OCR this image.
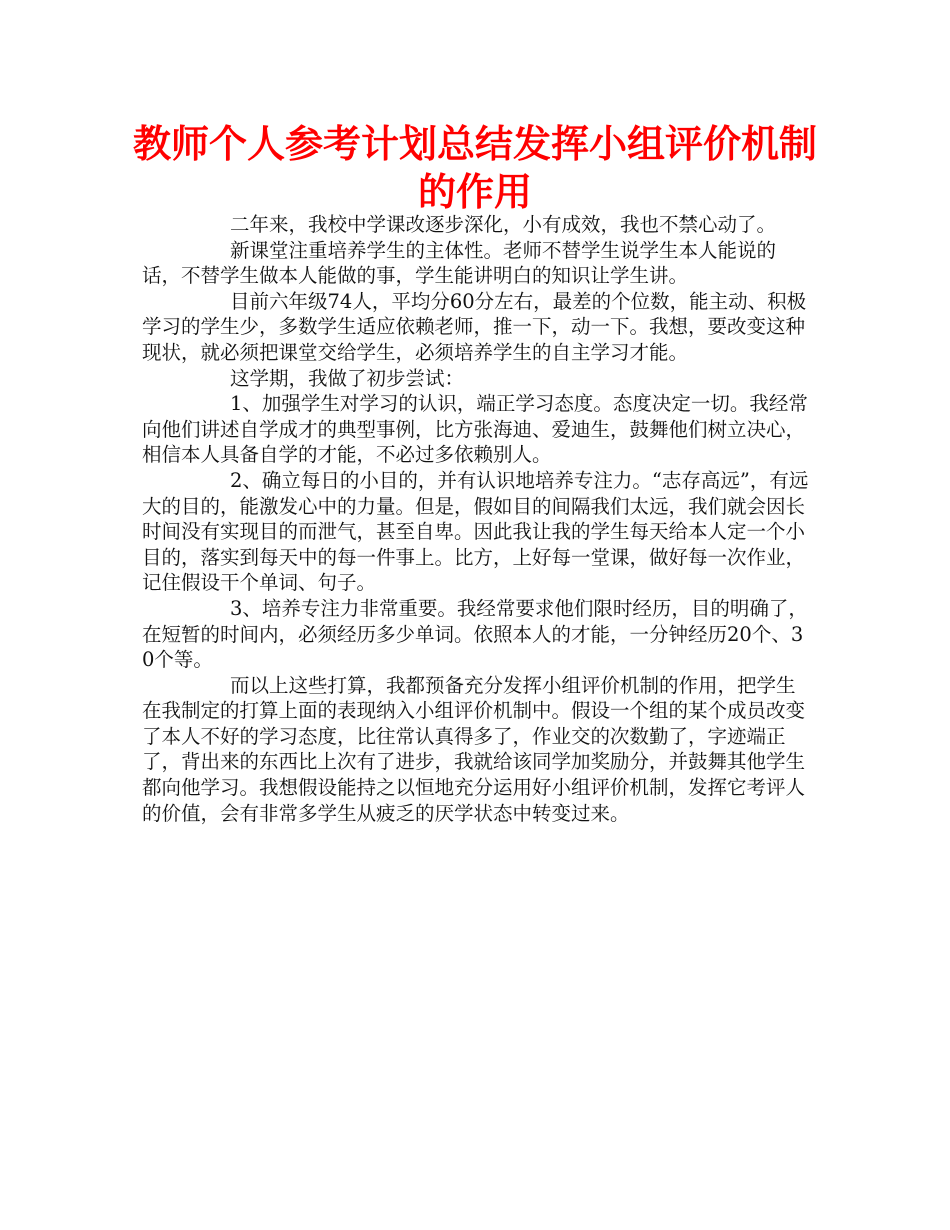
教师个人参考计划总结发挥小组评价机制的作用

二年来，我校中学课改逐步深化，小有成效，我也不禁心动了。

新课堂注重培养学生的主体性。老师不替学生说学生本人能说的话，不替学生做本人能做的事，学生能讲明白的知识让学生讲。

目前六年级74人，平均分60分左右，最差的个位数，能主动、积极学习的学生少，多数学生适应依赖老师，推一下，动一下。我想，要改变这种现状，就必须把课堂交给学生，必须培养学生的自主学习才能。

这学期，我做了初步尝试：

1、加强学生对学习的认识，端正学习态度。态度决定一切。我经常向他们讲述自学成才的典型事例，比方张海迪、爱迪生，鼓舞他们树立决心，相信本人具备自学的才能，不必过多依赖别人。

2、确立每日的小目的，并有认识地培养专注力。“志存高远”，有远大的目的，能激发心中的力量。但是，假如目的间隔我们太远，我们就会因长时间没有实现目的而泄气，甚至自卑。因此我让我的学生每天给本人定一个小目的，落实到每天中的每一件事上。比方，上好每一堂课，做好每一次作业，记住假设干个单词、句子。

3、培养专注力非常重要。我经常要求他们限时经历，目的明确了，在短暂的时间内，必须经历多少单词。依照本人的才能，一分钟经历20个、30个等。

而以上这些打算，我都预备充分发挥小组评价机制的作用，把学生在我制定的打算上面的表现纳入小组评价机制中。假设一个组的某个成员改变了本人不好的学习态度，比往常认真得多了，作业交的次数勤了，字迹端正了，背出来的东西比上次有了进步，我就给该同学加奖励分，并鼓舞其他学生都向他学习。我想假设能持之以恒地充分运用好小组评价机制，发挥它考评人的价值，会有非常多学生从疲乏的厌学状态中转变过来。
